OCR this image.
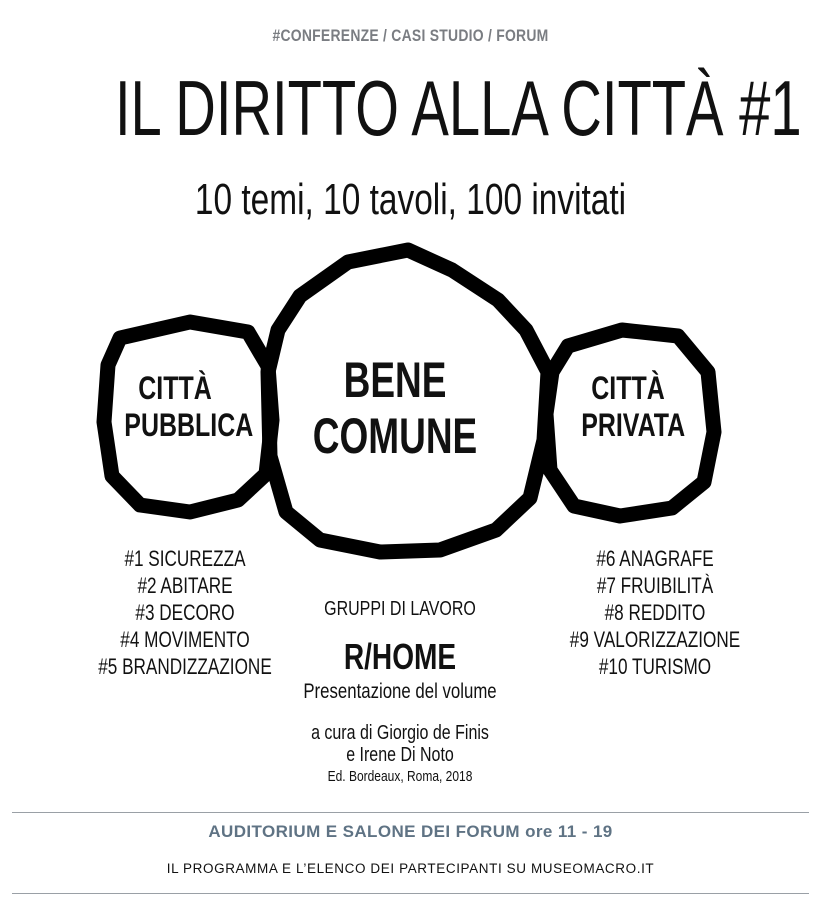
#CONFERENZE / CASI STUDIO / FORUM
IL DIRITTO ALLA CITTÀ #1
10 temi, 10 tavoli, 100 invitati
CITTÀ
PUBBLICA
BENE
COMUNE
CITTÀ
PRIVATA
#1 SICUREZZA
#2 ABITARE
#3 DECORO
#4 MOVIMENTO
#5 BRANDIZZAZIONE
#6 ANAGRAFE
#7 FRUIBILITÀ
#8 REDDITO
#9 VALORIZZAZIONE
#10 TURISMO
GRUPPI DI LAVORO
R/HOME
Presentazione del volume
a cura di Giorgio de Finis
e Irene Di Noto
Ed. Bordeaux, Roma, 2018
AUDITORIUM E SALONE DEI FORUM ore 11 - 19
IL PROGRAMMA E L’ELENCO DEI PARTECIPANTI SU MUSEOMACRO.IT
